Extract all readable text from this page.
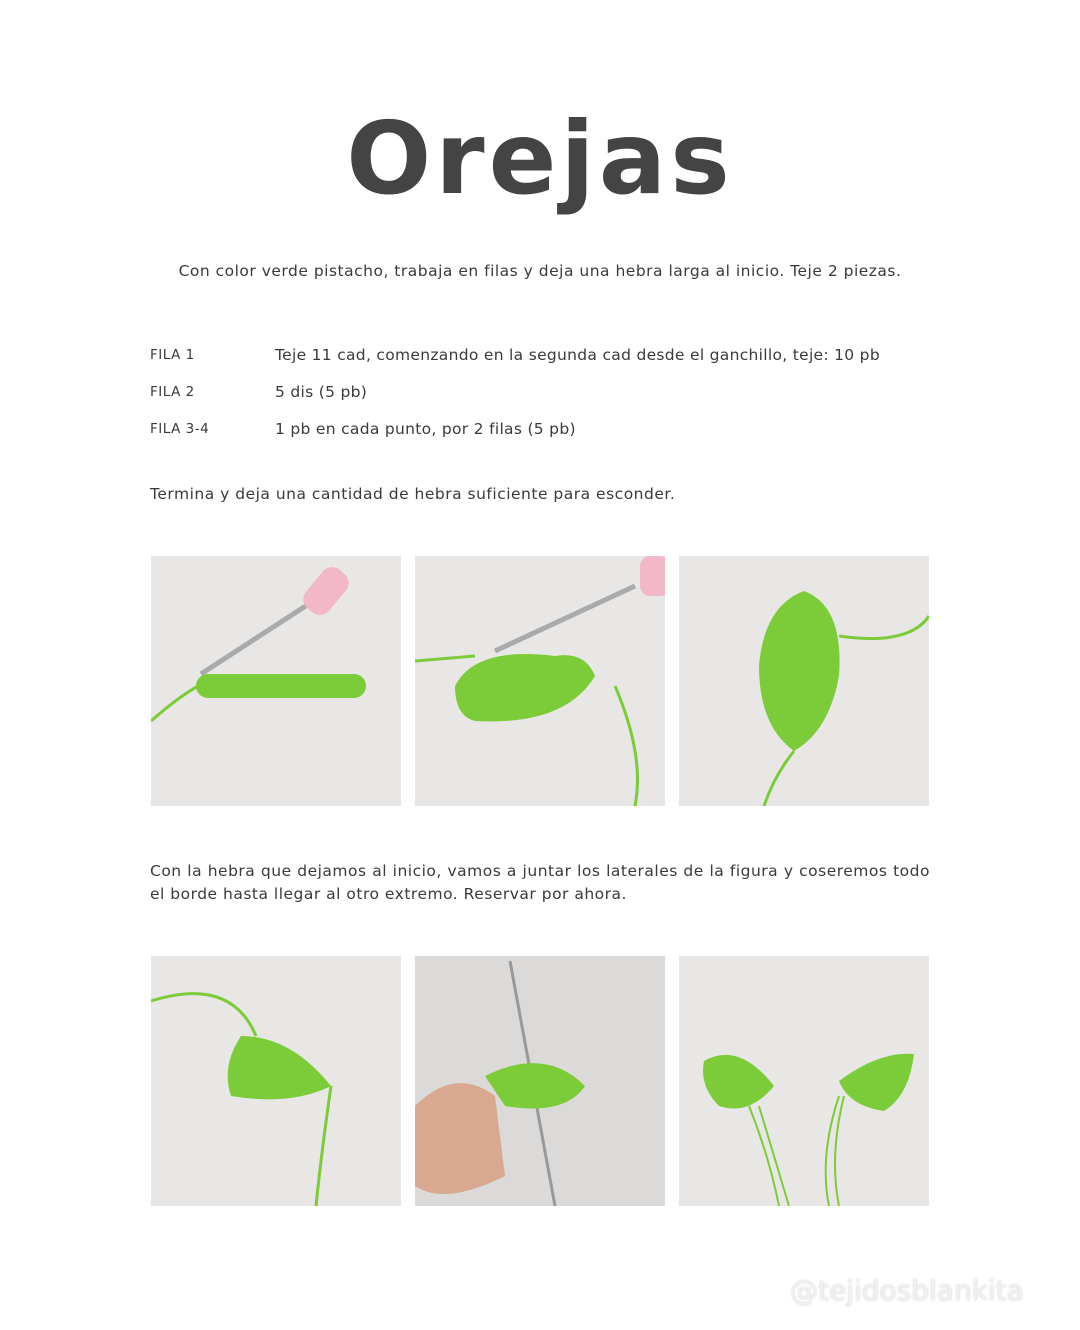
Orejas
Con color verde pistacho, trabaja en filas y deja una hebra larga al inicio. Teje 2 piezas.
FILA 1	Teje 11 cad, comenzando en la segunda cad desde el ganchillo, teje: 10 pb
FILA 2	5 dis (5 pb)
FILA 3-4	1 pb en cada punto, por 2 filas (5 pb)
Termina y deja una cantidad de hebra suficiente para esconder.
Con la hebra que dejamos al inicio, vamos a juntar los laterales de la figura y coseremos todo el borde hasta llegar al otro extremo. Reservar por ahora.
@tejidosblankita
